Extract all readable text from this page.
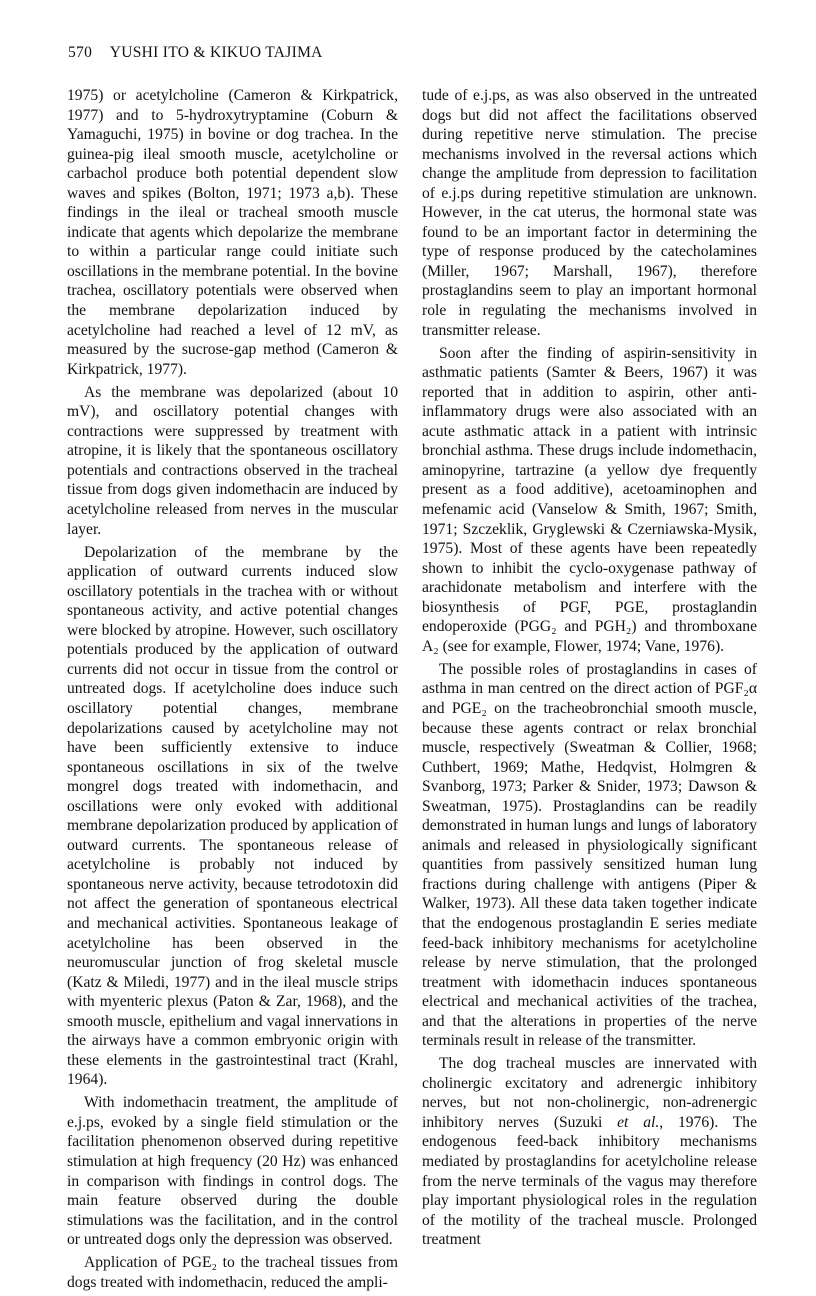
570 YUSHI ITO & KIKUO TAJIMA

1975) or acetylcholine (Cameron & Kirkpatrick, 1977) and to 5-hydroxytryptamine (Coburn & Yamaguchi, 1975) in bovine or dog trachea. In the guinea-pig ileal smooth muscle, acetylcholine or carbachol produce both potential dependent slow waves and spikes (Bolton, 1971; 1973 a,b). These findings in the ileal or tracheal smooth muscle indicate that agents which depolarize the membrane to within a particular range could initiate such oscillations in the membrane potential. In the bovine trachea, oscillatory potentials were observed when the membrane depolarization induced by acetylcholine had reached a level of 12 mV, as measured by the sucrose-gap method (Cameron & Kirkpatrick, 1977).

As the membrane was depolarized (about 10 mV), and oscillatory potential changes with contractions were suppressed by treatment with atropine, it is likely that the spontaneous oscillatory potentials and contractions observed in the tracheal tissue from dogs given indomethacin are induced by acetylcholine released from nerves in the muscular layer.

Depolarization of the membrane by the application of outward currents induced slow oscillatory potentials in the trachea with or without spontaneous activity, and active potential changes were blocked by atropine. However, such oscillatory potentials produced by the application of outward currents did not occur in tissue from the control or untreated dogs. If acetylcholine does induce such oscillatory potential changes, membrane depolarizations caused by acetylcholine may not have been sufficiently extensive to induce spontaneous oscillations in six of the twelve mongrel dogs treated with indomethacin, and oscillations were only evoked with additional membrane depolarization produced by application of outward currents. The spontaneous release of acetylcholine is probably not induced by spontaneous nerve activity, because tetrodotoxin did not affect the generation of spontaneous electrical and mechanical activities. Spontaneous leakage of acetylcholine has been observed in the neuromuscular junction of frog skeletal muscle (Katz & Miledi, 1977) and in the ileal muscle strips with myenteric plexus (Paton & Zar, 1968), and the smooth muscle, epithelium and vagal innervations in the airways have a common embryonic origin with these elements in the gastrointestinal tract (Krahl, 1964).

With indomethacin treatment, the amplitude of e.j.ps, evoked by a single field stimulation or the facilitation phenomenon observed during repetitive stimulation at high frequency (20 Hz) was enhanced in comparison with findings in control dogs. The main feature observed during the double stimulations was the facilitation, and in the control or untreated dogs only the depression was observed.

Application of PGE₂ to the tracheal tissues from dogs treated with indomethacin, reduced the ampli-

tude of e.j.ps, as was also observed in the untreated dogs but did not affect the facilitations observed during repetitive nerve stimulation. The precise mechanisms involved in the reversal actions which change the amplitude from depression to facilitation of e.j.ps during repetitive stimulation are unknown. However, in the cat uterus, the hormonal state was found to be an important factor in determining the type of response produced by the catecholamines (Miller, 1967; Marshall, 1967), therefore prostaglandins seem to play an important hormonal role in regulating the mechanisms involved in transmitter release.

Soon after the finding of aspirin-sensitivity in asthmatic patients (Samter & Beers, 1967) it was reported that in addition to aspirin, other anti-inflammatory drugs were also associated with an acute asthmatic attack in a patient with intrinsic bronchial asthma. These drugs include indomethacin, aminopyrine, tartrazine (a yellow dye frequently present as a food additive), acetoaminophen and mefenamic acid (Vanselow & Smith, 1967; Smith, 1971; Szczeklik, Gryglewski & Czerniawska-Mysik, 1975). Most of these agents have been repeatedly shown to inhibit the cyclo-oxygenase pathway of arachidonate metabolism and interfere with the biosynthesis of PGF, PGE, prostaglandin endoperoxide (PGG₂ and PGH₂) and thromboxane A₂ (see for example, Flower, 1974; Vane, 1976).

The possible roles of prostaglandins in cases of asthma in man centred on the direct action of PGF₂α and PGE₂ on the tracheobronchial smooth muscle, because these agents contract or relax bronchial muscle, respectively (Sweatman & Collier, 1968; Cuthbert, 1969; Mathe, Hedqvist, Holmgren & Svanborg, 1973; Parker & Snider, 1973; Dawson & Sweatman, 1975). Prostaglandins can be readily demonstrated in human lungs and lungs of laboratory animals and released in physiologically significant quantities from passively sensitized human lung fractions during challenge with antigens (Piper & Walker, 1973). All these data taken together indicate that the endogenous prostaglandin E series mediate feed-back inhibitory mechanisms for acetylcholine release by nerve stimulation, that the prolonged treatment with idomethacin induces spontaneous electrical and mechanical activities of the trachea, and that the alterations in properties of the nerve terminals result in release of the transmitter.

The dog tracheal muscles are innervated with cholinergic excitatory and adrenergic inhibitory nerves, but not non-cholinergic, non-adrenergic inhibitory nerves (Suzuki et al., 1976). The endogenous feed-back inhibitory mechanisms mediated by prostaglandins for acetylcholine release from the nerve terminals of the vagus may therefore play important physiological roles in the regulation of the motility of the tracheal muscle. Prolonged treatment
